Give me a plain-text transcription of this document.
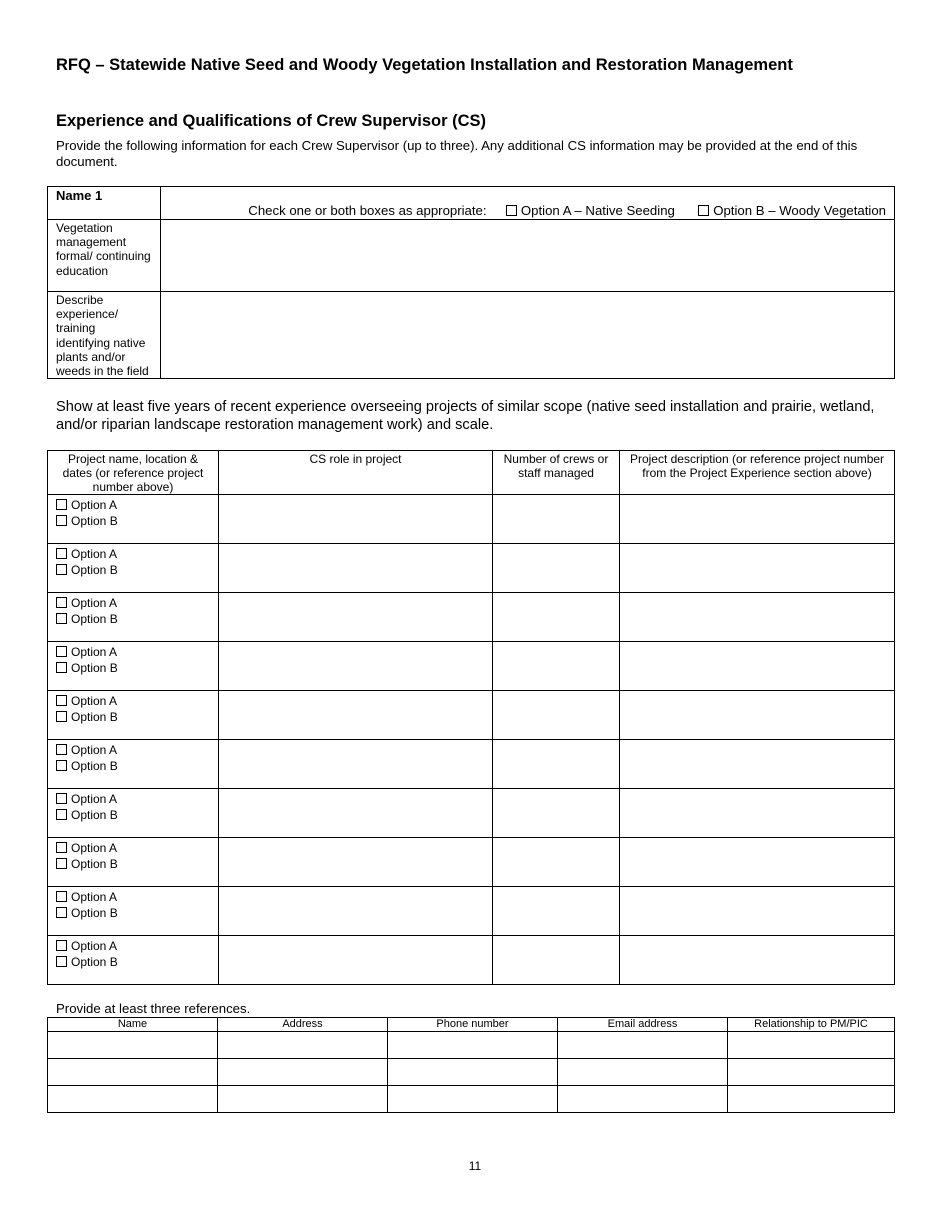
RFQ – Statewide Native Seed and Woody Vegetation Installation and Restoration Management
Experience and Qualifications of Crew Supervisor (CS)

Provide the following information for each Crew Supervisor (up to three). Any additional CS information may be provided at the end of this document.

Name 1	Check one or both boxes as appropriate: Option A – Native Seeding Option B – Woody Vegetation
Vegetation management formal/ continuing education	
Describe experience/ training identifying native plants and/or weeds in the field	

Show at least five years of recent experience overseeing projects of similar scope (native seed installation and prairie, wetland, and/or riparian landscape restoration management work) and scale.

Project name, location & dates (or reference project number above)	CS role in project	Number of crews or staff managed	Project description (or reference project number from the Project Experience section above)

Option A
Option B			

Option A
Option B			

Option A
Option B			

Option A
Option B			

Option A
Option B			

Option A
Option B			

Option A
Option B			

Option A
Option B			

Option A
Option B			

Option A
Option B			

Provide at least three references.

Name	Address	Phone number	Email address	Relationship to PM/PIC

11
